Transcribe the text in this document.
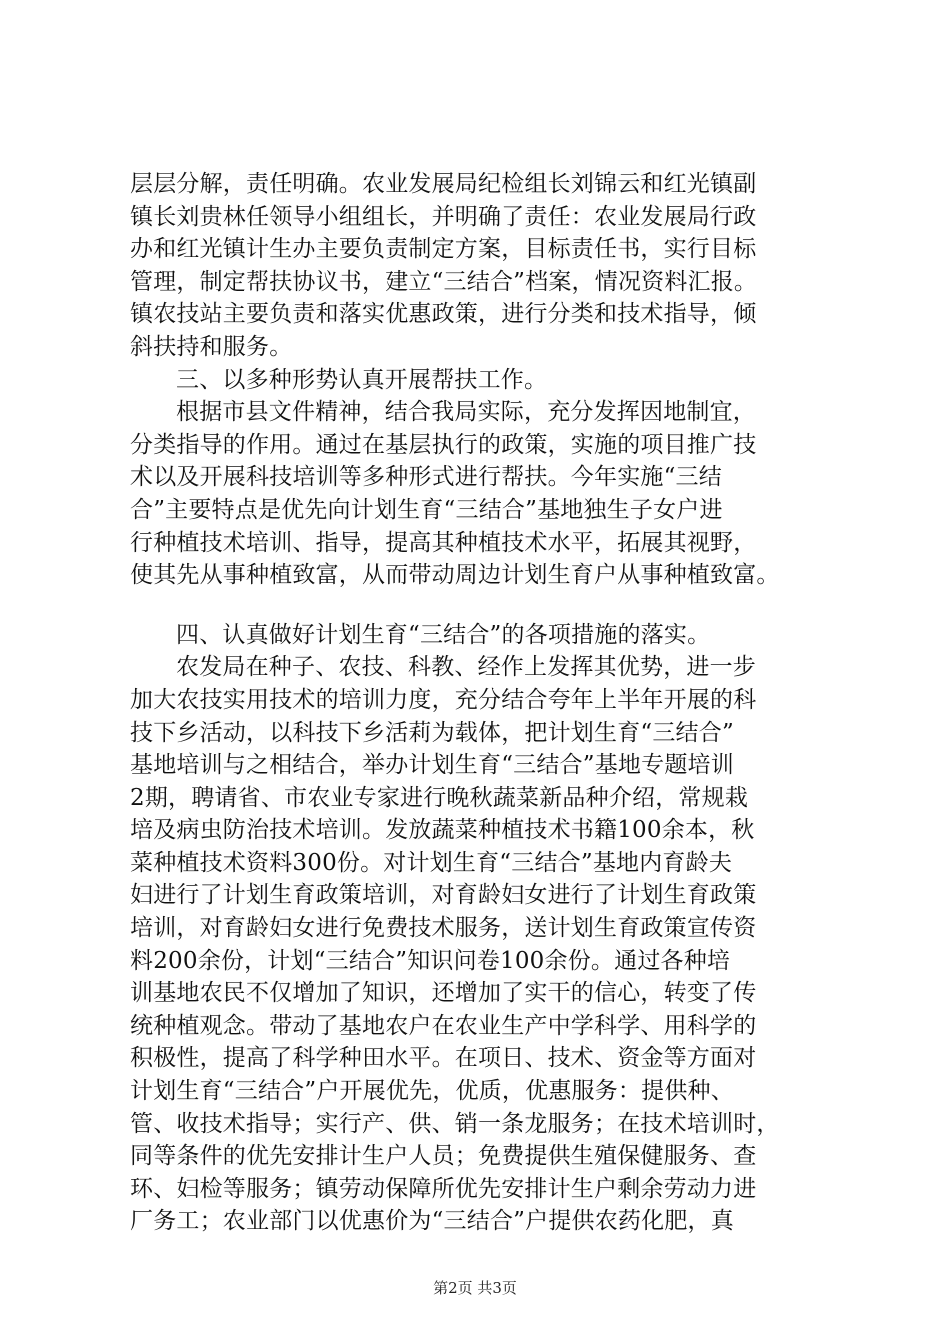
层层分解，责任明确。农业发展局纪检组长刘锦云和红光镇副
镇长刘贵林任领导小组组长，并明确了责任：农业发展局行政
办和红光镇计生办主要负责制定方案，目标责任书，实行目标
管理，制定帮扶协议书，建立“三结合”档案，情况资料汇报。
镇农技站主要负责和落实优惠政策，进行分类和技术指导，倾
斜扶持和服务。
三、以多种形势认真开展帮扶工作。
根据市县文件精神，结合我局实际，充分发挥因地制宜，
分类指导的作用。通过在基层执行的政策，实施的项目推广技
术以及开展科技培训等多种形式进行帮扶。今年实施“三结
合”主要特点是优先向计划生育“三结合”基地独生子女户进
行种植技术培训、指导，提高其种植技术水平，拓展其视野，
使其先从事种植致富，从而带动周边计划生育户从事种植致富。
四、认真做好计划生育“三结合”的各项措施的落实。
农发局在种子、农技、科教、经作上发挥其优势，进一步
加大农技实用技术的培训力度，充分结合夸年上半年开展的科
技下乡活动，以科技下乡活莉为载体，把计划生育“三结合”
基地培训与之相结合，举办计划生育“三结合”基地专题培训
2期，聘请省、市农业专家进行晚秋蔬菜新品种介绍，常规栽
培及病虫防治技术培训。发放蔬菜种植技术书籍100余本，秋
菜种植技术资料300份。对计划生育“三结合”基地内育龄夫
妇进行了计划生育政策培训，对育龄妇女进行了计划生育政策
培训，对育龄妇女进行免费技术服务，送计划生育政策宣传资
料200余份，计划“三结合”知识问卷100余份。通过各种培
训基地农民不仅增加了知识，还增加了实干的信心，转变了传
统种植观念。带动了基地农户在农业生产中学科学、用科学的
积极性，提高了科学种田水平。在项日、技术、资金等方面对
计划生育“三结合”户开展优先，优质，优惠服务：提供种、
管、收技术指导；实行产、供、销一条龙服务；在技术培训时，
同等条件的优先安排计生户人员；免费提供生殖保健服务、查
环、妇检等服务；镇劳动保障所优先安排计生户剩余劳动力进
厂务工；农业部门以优惠价为“三结合”户提供农药化肥，真
第2页 共3页
